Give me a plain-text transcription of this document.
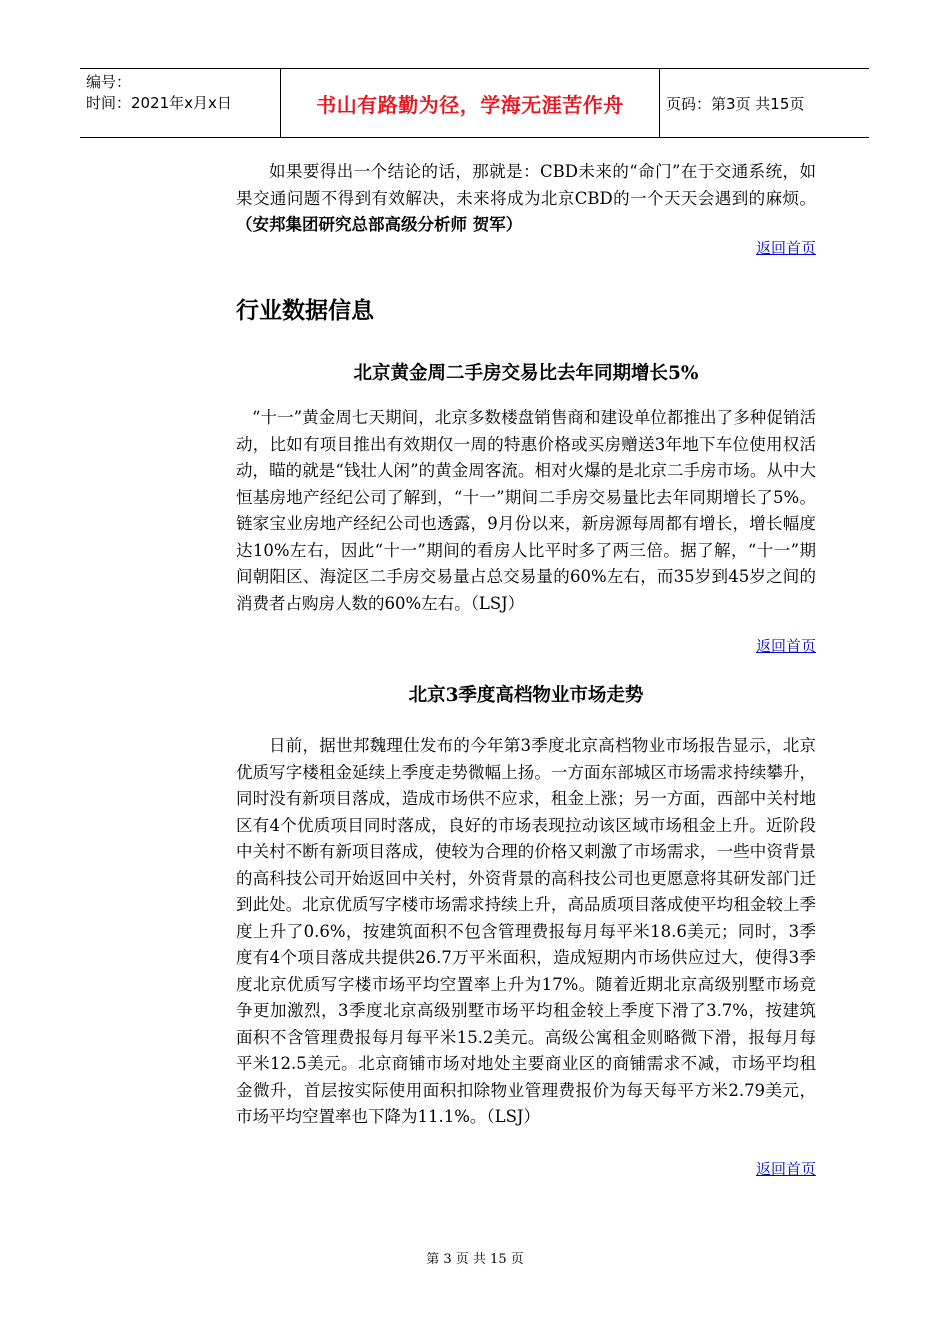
编号：
时间：2021年x月x日	书山有路勤为径，学海无涯苦作舟	页码：第3页 共15页
如果要得出一个结论的话，那就是：CBD未来的“命门”在于交通系统，如果交通问题不得到有效解决，未来将成为北京CBD的一个天天会遇到的麻烦。（安邦集团研究总部高级分析师 贺军）
返回首页
行业数据信息
北京黄金周二手房交易比去年同期增长5%
“十一”黄金周七天期间，北京多数楼盘销售商和建设单位都推出了多种促销活动，比如有项目推出有效期仅一周的特惠价格或买房赠送3年地下车位使用权活动，瞄的就是“钱壮人闲”的黄金周客流。相对火爆的是北京二手房市场。从中大恒基房地产经纪公司了解到，“十一”期间二手房交易量比去年同期增长了5%。链家宝业房地产经纪公司也透露，9月份以来，新房源每周都有增长，增长幅度达10%左右，因此“十一”期间的看房人比平时多了两三倍。据了解，“十一”期间朝阳区、海淀区二手房交易量占总交易量的60%左右，而35岁到45岁之间的消费者占购房人数的60%左右。（LSJ）
返回首页
北京3季度高档物业市场走势
日前，据世邦魏理仕发布的今年第3季度北京高档物业市场报告显示，北京优质写字楼租金延续上季度走势微幅上扬。一方面东部城区市场需求持续攀升，同时没有新项目落成，造成市场供不应求，租金上涨；另一方面，西部中关村地区有4个优质项目同时落成，良好的市场表现拉动该区域市场租金上升。近阶段中关村不断有新项目落成，使较为合理的价格又刺激了市场需求，一些中资背景的高科技公司开始返回中关村，外资背景的高科技公司也更愿意将其研发部门迁到此处。北京优质写字楼市场需求持续上升，高品质项目落成使平均租金较上季度上升了0.6%，按建筑面积不包含管理费报每月每平米18.6美元；同时，3季度有4个项目落成共提供26.7万平米面积，造成短期内市场供应过大，使得3季度北京优质写字楼市场平均空置率上升为17%。随着近期北京高级别墅市场竞争更加激烈，3季度北京高级别墅市场平均租金较上季度下滑了3.7%，按建筑面积不含管理费报每月每平米15.2美元。高级公寓租金则略微下滑，报每月每平米12.5美元。北京商铺市场对地处主要商业区的商铺需求不减，市场平均租金微升，首层按实际使用面积扣除物业管理费报价为每天每平方米2.79美元，市场平均空置率也下降为11.1%。（LSJ）
返回首页
第 3 页 共 15 页
